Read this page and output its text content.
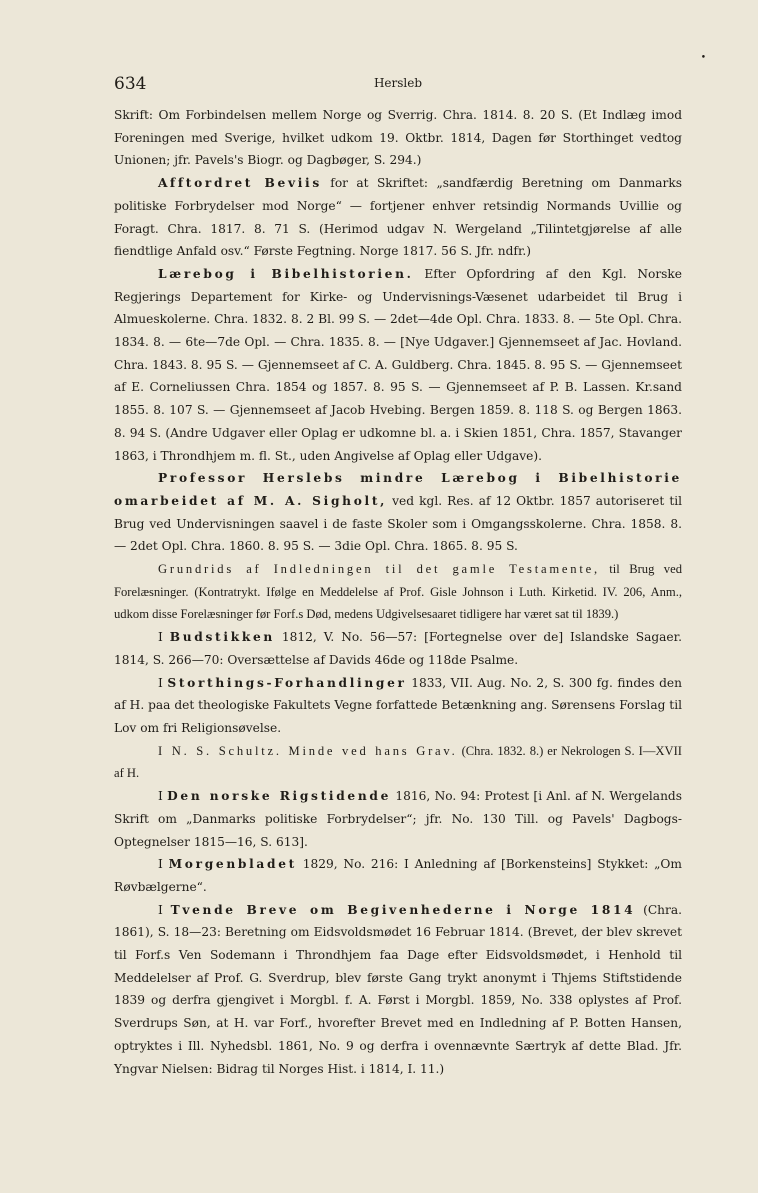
•
634	Hersleb

Skrift: Om Forbindelsen mellem Norge og Sverrig. Chra. 1814. 8. 20 S. (Et Indlæg imod Foreningen med Sverige, hvilket udkom 19. Oktbr. 1814, Dagen før Storthinget vedtog Unionen; jfr. Pavels's Biogr. og Dagbøger, S. 294.)

Afftordret Beviis for at Skriftet: „sandfærdig Beretning om Danmarks politiske Forbrydelser mod Norge“ — fortjener enhver retsindig Normands Uvillie og Foragt. Chra. 1817. 8. 71 S. (Herimod udgav N. Wergeland „Tilintetgjørelse af alle fiendtlige Anfald osv.“ Første Fegtning. Norge 1817. 56 S. Jfr. ndfr.)

Lærebog i Bibelhistorien. Efter Opfordring af den Kgl. Norske Regjerings Departement for Kirke- og Undervisnings-Væsenet udarbeidet til Brug i Almueskolerne. Chra. 1832. 8. 2 Bl. 99 S. — 2det—4de Opl. Chra. 1833. 8. — 5te Opl. Chra. 1834. 8. — 6te—7de Opl. — Chra. 1835. 8. — [Nye Udgaver.] Gjennemseet af Jac. Hovland. Chra. 1843. 8. 95 S. — Gjennemseet af C. A. Guldberg. Chra. 1845. 8. 95 S. — Gjennemseet af E. Corneliussen Chra. 1854 og 1857. 8. 95 S. — Gjennemseet af P. B. Lassen. Kr.sand 1855. 8. 107 S. — Gjennemseet af Jacob Hvebing. Bergen 1859. 8. 118 S. og Bergen 1863. 8. 94 S. (Andre Udgaver eller Oplag er udkomne bl. a. i Skien 1851, Chra. 1857, Stavanger 1863, i Throndhjem m. fl. St., uden Angivelse af Oplag eller Udgave).

Professor Herslebs mindre Lærebog i Bibelhistorie omarbeidet af M. A. Sigholt, ved kgl. Res. af 12 Oktbr. 1857 autoriseret til Brug ved Undervisningen saavel i de faste Skoler som i Omgangsskolerne. Chra. 1858. 8. — 2det Opl. Chra. 1860. 8. 95 S. — 3die Opl. Chra. 1865. 8. 95 S.

Grundrids af Indledningen til det gamle Testamente, til Brug ved Forelæsninger. (Kontratrykt. Ifølge en Meddelelse af Prof. Gisle Johnson i Luth. Kirketid. IV. 206, Anm., udkom disse Forelæsninger før Forf.s Død, medens Udgivelsesaaret tidligere har været sat til 1839.)

I Budstikken 1812, V. No. 56—57: [Fortegnelse over de] Islandske Sagaer. 1814, S. 266—70: Oversættelse af Davids 46de og 118de Psalme.

I Storthings-Forhandlinger 1833, VII. Aug. No. 2, S. 300 fg. findes den af H. paa det theologiske Fakultets Vegne forfattede Betænkning ang. Sørensens Forslag til Lov om fri Religionsøvelse.

I N. S. Schultz. Minde ved hans Grav. (Chra. 1832. 8.) er Nekrologen S. I—XVII af H.

I Den norske Rigstidende 1816, No. 94: Protest [i Anl. af N. Wergelands Skrift om „Danmarks politiske Forbrydelser“; jfr. No. 130 Till. og Pavels' Dagbogs-Optegnelser 1815—16, S. 613].

I Morgenbladet 1829, No. 216: I Anledning af [Borkensteins] Stykket: „Om Røvbælgerne“.

I Tvende Breve om Begivenhederne i Norge 1814 (Chra. 1861), S. 18—23: Beretning om Eidsvoldsmødet 16 Februar 1814. (Brevet, der blev skrevet til Forf.s Ven Sodemann i Throndhjem faa Dage efter Eidsvoldsmødet, i Henhold til Meddelelser af Prof. G. Sverdrup, blev første Gang trykt anonymt i Thjems Stiftstidende 1839 og derfra gjengivet i Morgbl. f. A. Først i Morgbl. 1859, No. 338 oplystes af Prof. Sverdrups Søn, at H. var Forf., hvorefter Brevet med en Indledning af P. Botten Hansen, optryktes i Ill. Nyhedsbl. 1861, No. 9 og derfra i ovennævnte Særtryk af dette Blad. Jfr. Yngvar Nielsen: Bidrag til Norges Hist. i 1814, I. 11.)
